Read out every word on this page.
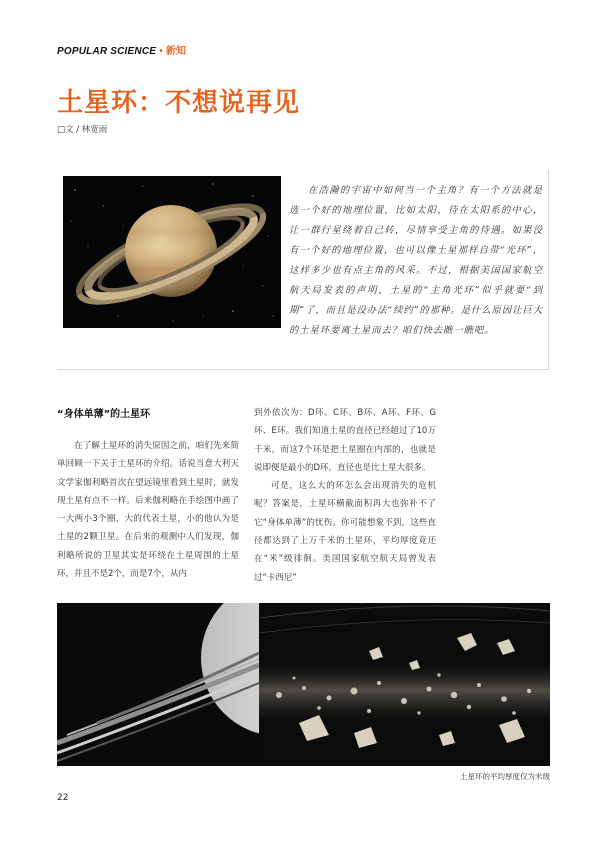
POPULAR SCIENCE • 新知
土星环：不想说再见
□文 / 林宽雨
在浩瀚的宇宙中如何当一个主角？有一个方法就是选一个好的地理位置，比如太阳，待在太阳系的中心，让一群行星绕着自己转，尽情享受主角的待遇。如果没有一个好的地理位置，也可以像土星那样自带“光环”，这样多少也有点主角的风采。不过，根据美国国家航空航天局发表的声明，土星的“主角光环”似乎就要“到期”了，而且是没办法“续约”的那种。是什么原因让巨大的土星环要离土星而去？咱们快去瞧一瞧吧。
“身体单薄”的土星环

在了解土星环的消失原因之前，咱们先来简单回顾一下关于土星环的介绍。话说当意大利天文学家伽利略首次在望远镜里看到土星时，就发现土星有点不一样。后来伽利略在手绘图中画了一大两小3个圈，大的代表土星，小的他认为是土星的2颗卫星。在后来的观测中人们发现，伽利略所说的卫星其实是环绕在土星周围的土星环，并且不是2个，而是7个，从内

到外依次为：D环、C环、B环、A环、F环、G环、E环。我们知道土星的直径已经超过了10万千米，而这7个环是把土星圈在内部的，也就是说即便是最小的D环，直径也是比土星大很多。

可是，这么大的环怎么会出现消失的危机呢？答案是，土星环横截面积再大也弥补不了它“身体单薄”的忧伤。你可能想象不到，这些直径都达到了上万千米的土星环，平均厚度竟还在“米”级徘徊。美国国家航空航天局曾发表过“卡西尼”

土星环的平均厚度仅为米级
22
